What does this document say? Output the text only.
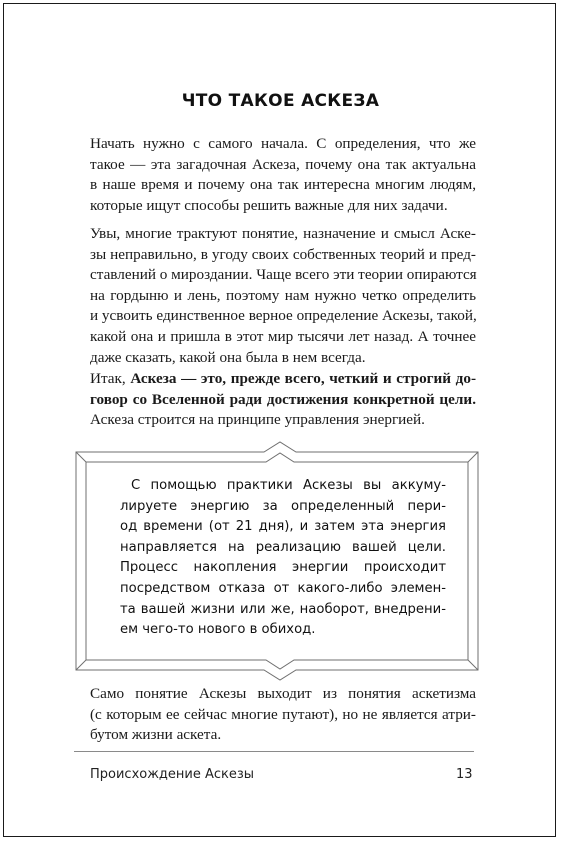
ЧТО ТАКОЕ АСКЕЗА
Начать нужно с самого начала. С определения, что же
такое — эта загадочная Аскеза, почему она так актуальна
в наше время и почему она так интересна многим людям,
которые ищут способы решить важные для них задачи.
Увы, многие трактуют понятие, назначение и смысл Аске-
зы неправильно, в угоду своих собственных теорий и пред-
ставлений о мироздании. Чаще всего эти теории опираются
на гордыню и лень, поэтому нам нужно четко определить
и усвоить единственное верное определение Аскезы, такой,
какой она и пришла в этот мир тысячи лет назад. А точнее
даже сказать, какой она была в нем всегда.
Итак, Аскеза — это, прежде всего, четкий и строгий до-
говор со Вселенной ради достижения конкретной цели.
Аскеза строится на принципе управления энергией.
С помощью практики Аскезы вы аккуму-
лируете энергию за определенный пери-
од времени (от 21 дня), и затем эта энергия
направляется на реализацию вашей цели.
Процесс накопления энергии происходит
посредством отказа от какого-либо элемен-
та вашей жизни или же, наоборот, внедрени-
ем чего-то нового в обиход.
Само понятие Аскезы выходит из понятия аскетизма
(с которым ее сейчас многие путают), но не является атри-
бутом жизни аскета.
Происхождение Аскезы	13
